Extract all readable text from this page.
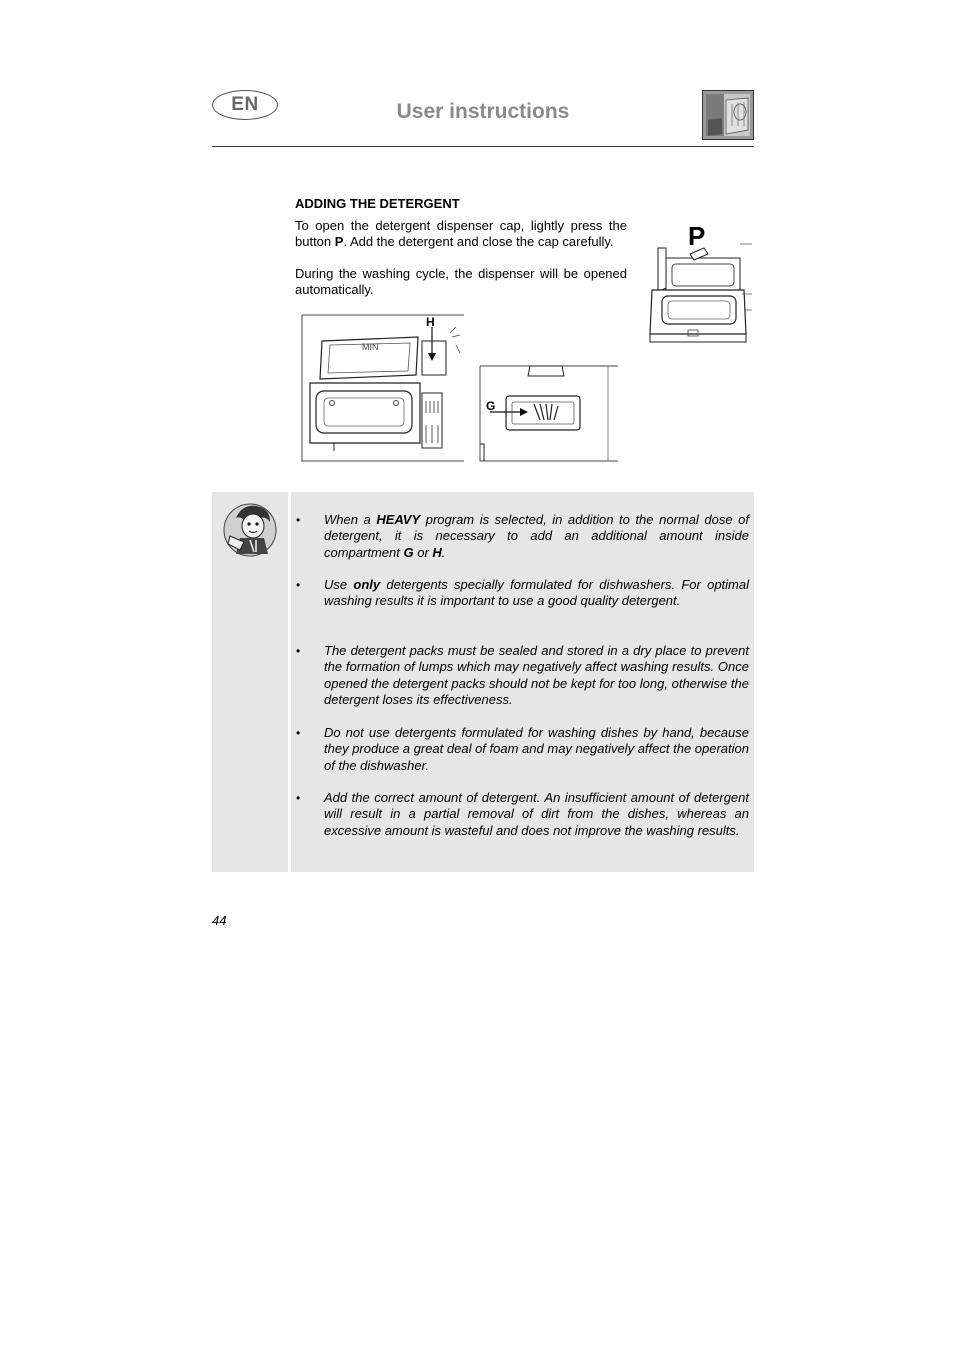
EN	User instructions
ADDING THE DETERGENT
To open the detergent dispenser cap, lightly press the button P. Add the detergent and close the cap carefully.
During the washing cycle, the dispenser will be opened automatically.
P
H
MIN
G
•	When a HEAVY program is selected, in addition to the normal dose of detergent, it is necessary to add an additional amount inside compartment G or H.
•	Use only detergents specially formulated for dishwashers. For optimal washing results it is important to use a good quality detergent.
•	The detergent packs must be sealed and stored in a dry place to prevent the formation of lumps which may negatively affect washing results. Once opened the detergent packs should not be kept for too long, otherwise the detergent loses its effectiveness.
•	Do not use detergents formulated for washing dishes by hand, because they produce a great deal of foam and may negatively affect the operation of the dishwasher.
•	Add the correct amount of detergent. An insufficient amount of detergent will result in a partial removal of dirt from the dishes, whereas an excessive amount is wasteful and does not improve the washing results.
44
